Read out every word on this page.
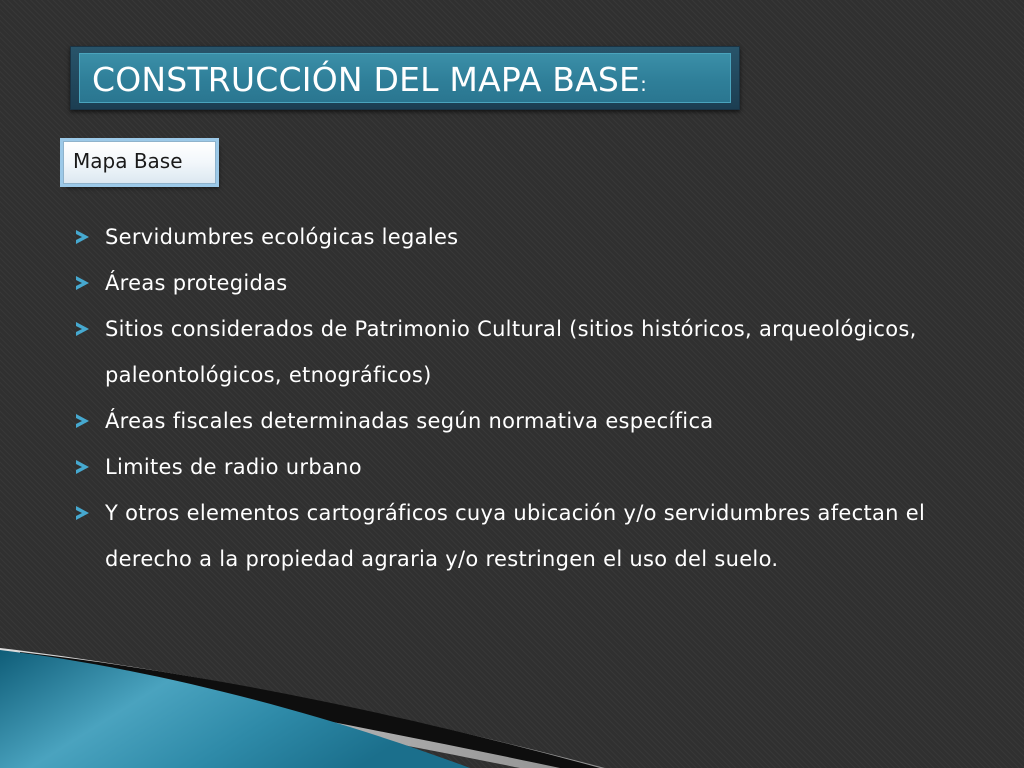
CONSTRUCCIÓN DEL MAPA BASE:
Mapa Base
Servidumbres ecológicas legales
Áreas protegidas
Sitios considerados de Patrimonio Cultural (sitios históricos, arqueológicos, paleontológicos, etnográficos)
Áreas fiscales determinadas según normativa específica
Limites de radio urbano
Y otros elementos cartográficos cuya ubicación y/o servidumbres afectan el derecho a la propiedad agraria y/o restringen el uso del suelo.
